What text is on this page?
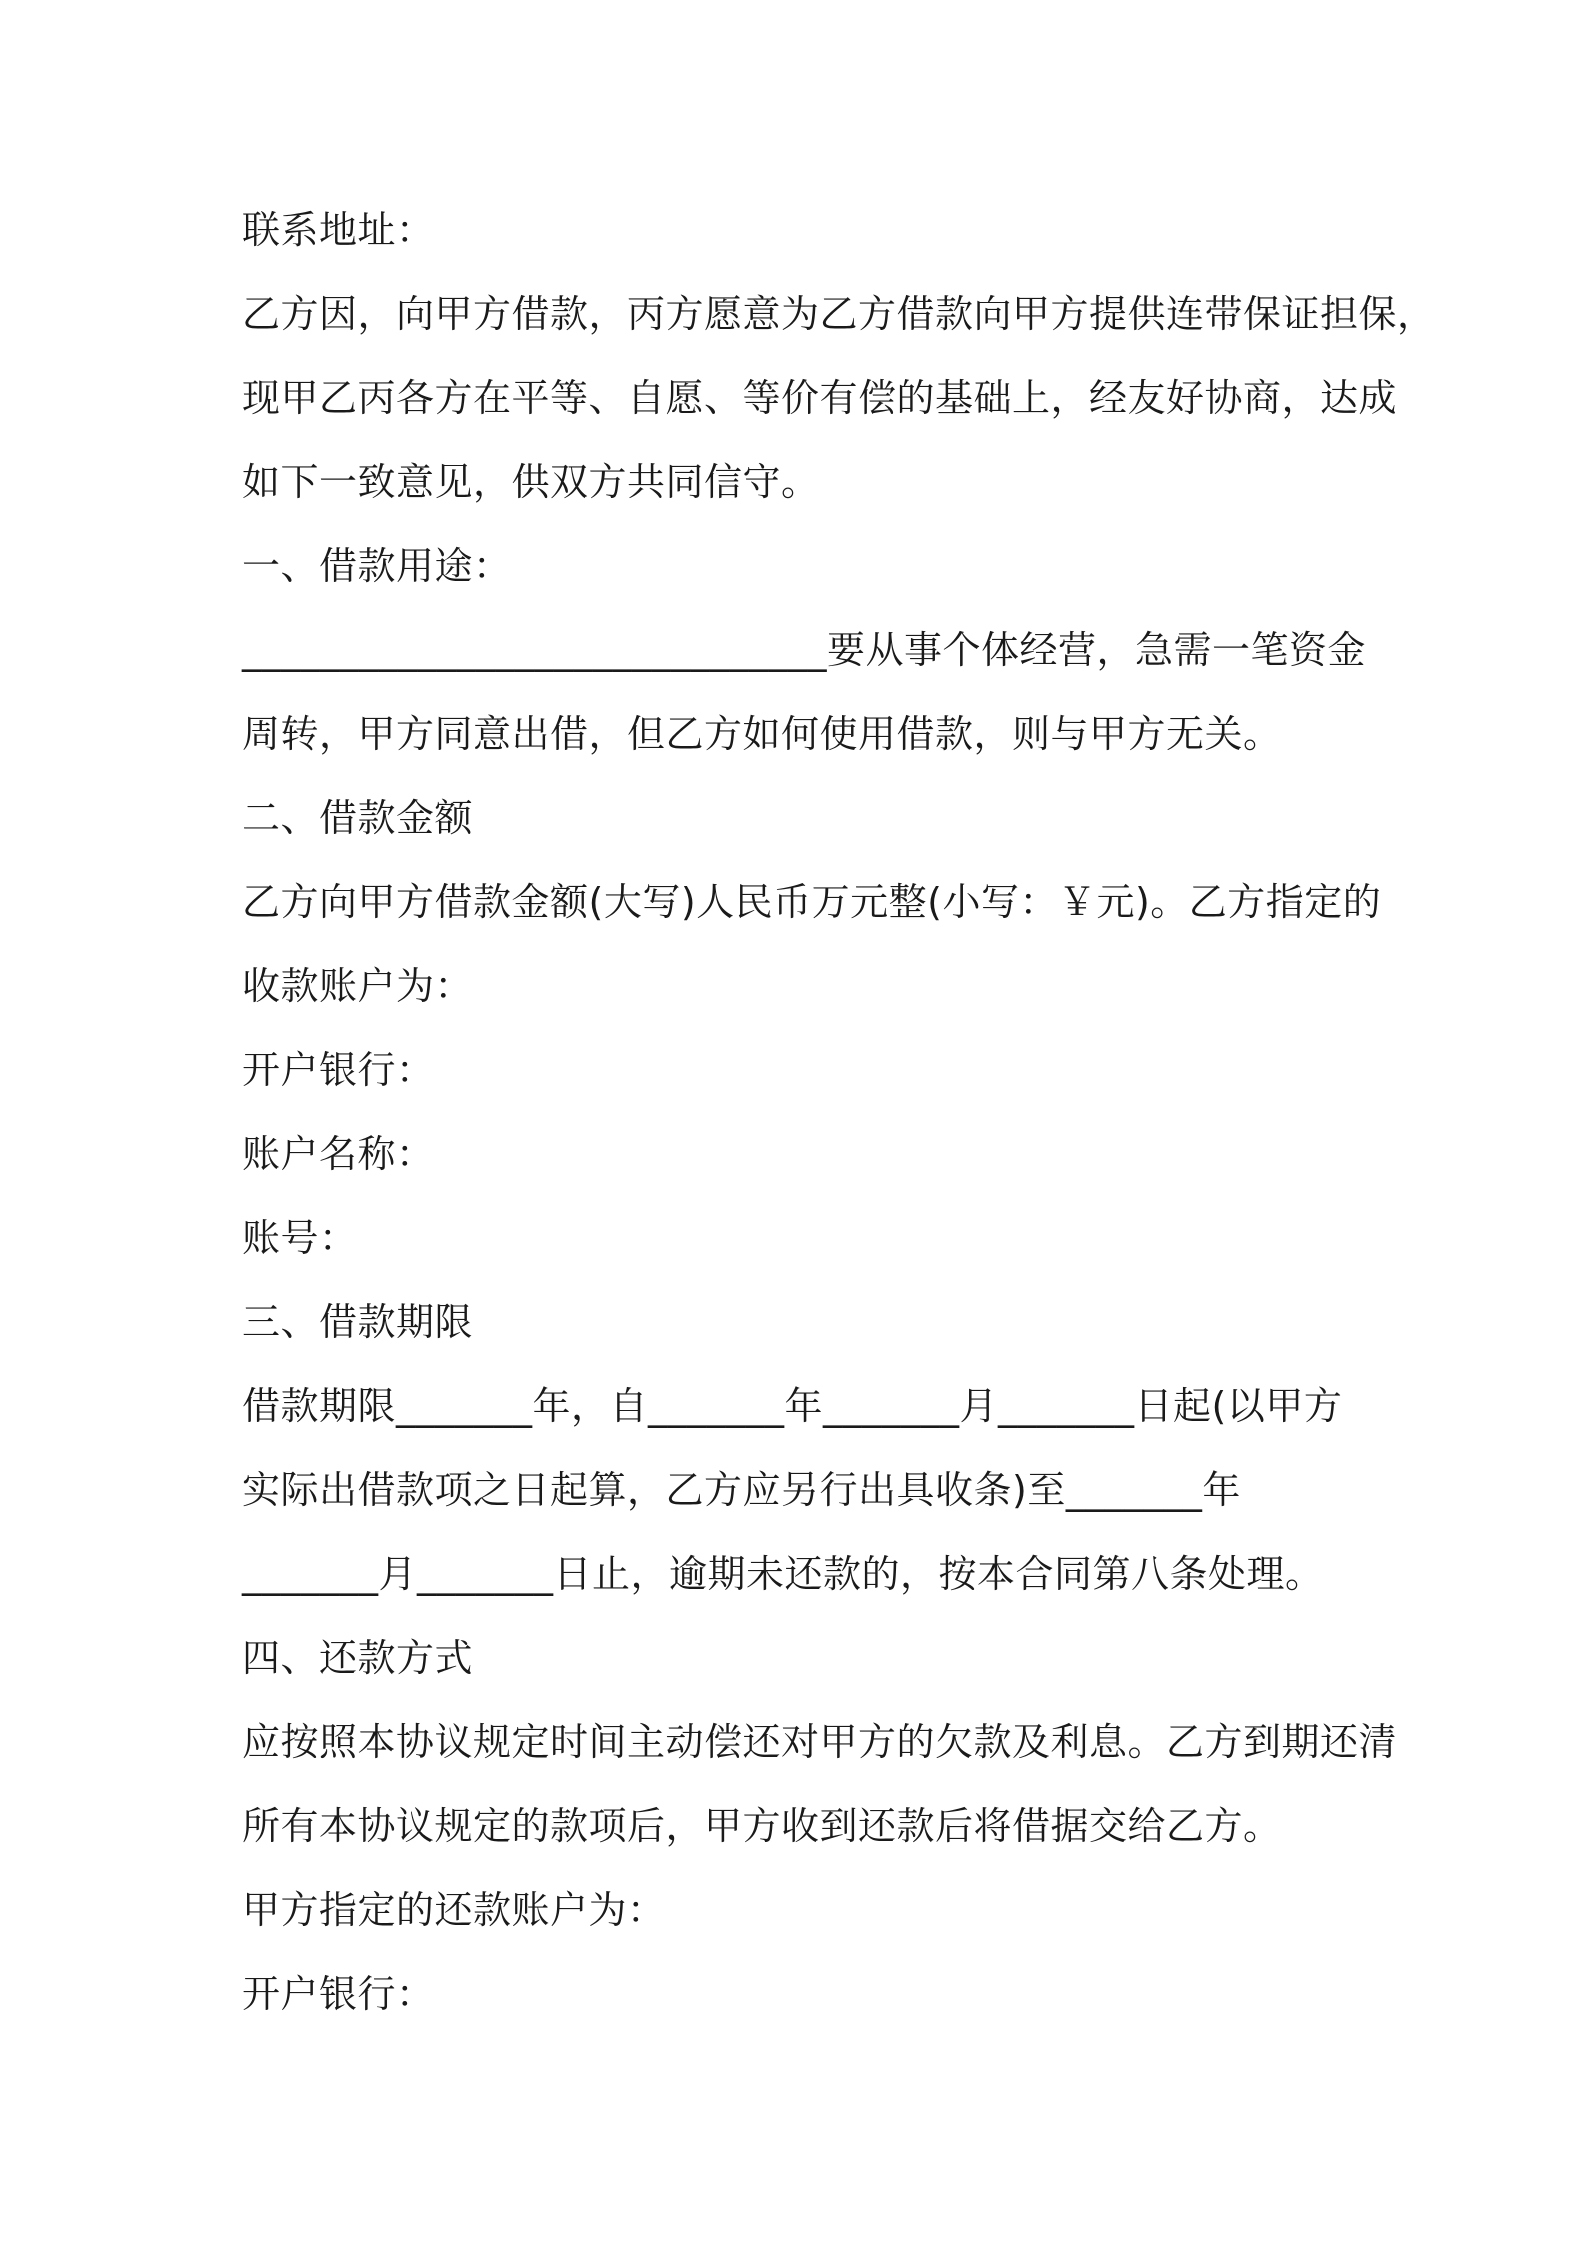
联系地址：
乙方因，向甲方借款，丙方愿意为乙方借款向甲方提供连带保证担保，
现甲乙丙各方在平等、自愿、等价有偿的基础上，经友好协商，达成
如下一致意见，供双方共同信守。
一、借款用途：
______________________________要从事个体经营，急需一笔资金
周转，甲方同意出借，但乙方如何使用借款，则与甲方无关。
二、借款金额
乙方向甲方借款金额(大写)人民币万元整(小写：￥元)。乙方指定的
收款账户为：
开户银行：
账户名称：
账号：
三、借款期限
借款期限_______年，自_______年_______月_______日起(以甲方
实际出借款项之日起算，乙方应另行出具收条)至_______年
_______月_______日止，逾期未还款的，按本合同第八条处理。
四、还款方式
应按照本协议规定时间主动偿还对甲方的欠款及利息。乙方到期还清
所有本协议规定的款项后，甲方收到还款后将借据交给乙方。
甲方指定的还款账户为：
开户银行：
